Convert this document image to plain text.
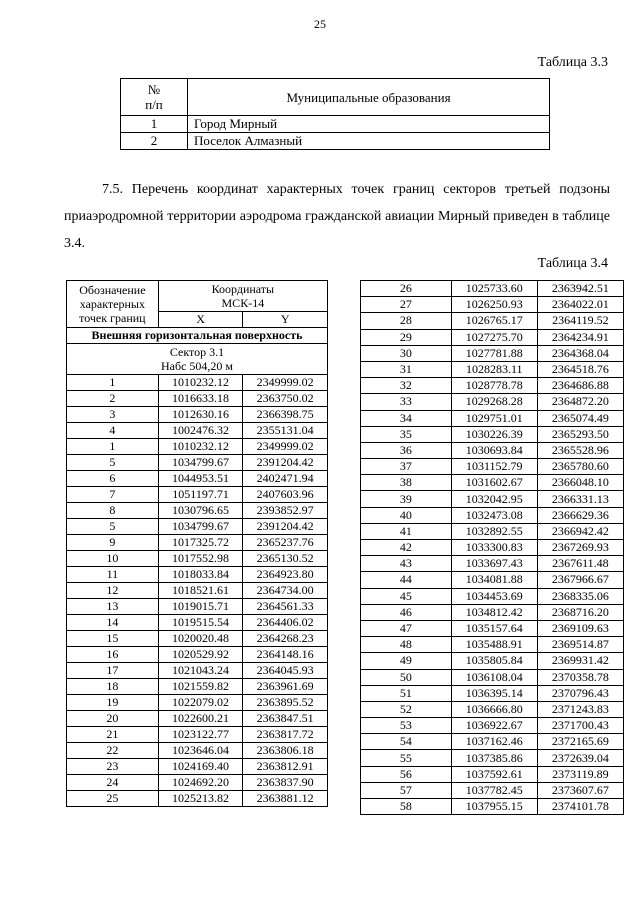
25
Таблица 3.3
№
п/п	Муниципальные образования
1	Город Мирный
2	Поселок Алмазный
7.5. Перечень координат характерных точек границ секторов третьей подзоны приаэродромной территории аэродрома гражданской авиации Мирный приведен в таблице 3.4.
Таблица 3.4
Обозначение
характерных
точек границ	Координаты
МСК-14	
	X	Y
Внешняя горизонтальная поверхность		
Сектор 3.1
Набс 504,20 м		
1	1010232.12	2349999.02
2	1016633.18	2363750.02
3	1012630.16	2366398.75
4	1002476.32	2355131.04
1	1010232.12	2349999.02
5	1034799.67	2391204.42
6	1044953.51	2402471.94
7	1051197.71	2407603.96
8	1030796.65	2393852.97
5	1034799.67	2391204.42
9	1017325.72	2365237.76
10	1017552.98	2365130.52
11	1018033.84	2364923.80
12	1018521.61	2364734.00
13	1019015.71	2364561.33
14	1019515.54	2364406.02
15	1020020.48	2364268.23
16	1020529.92	2364148.16
17	1021043.24	2364045.93
18	1021559.82	2363961.69
19	1022079.02	2363895.52
20	1022600.21	2363847.51
21	1023122.77	2363817.72
22	1023646.04	2363806.18
23	1024169.40	2363812.91
24	1024692.20	2363837.90
25	1025213.82	2363881.12
26	1025733.60	2363942.51
27	1026250.93	2364022.01
28	1026765.17	2364119.52
29	1027275.70	2364234.91
30	1027781.88	2364368.04
31	1028283.11	2364518.76
32	1028778.78	2364686.88
33	1029268.28	2364872.20
34	1029751.01	2365074.49
35	1030226.39	2365293.50
36	1030693.84	2365528.96
37	1031152.79	2365780.60
38	1031602.67	2366048.10
39	1032042.95	2366331.13
40	1032473.08	2366629.36
41	1032892.55	2366942.42
42	1033300.83	2367269.93
43	1033697.43	2367611.48
44	1034081.88	2367966.67
45	1034453.69	2368335.06
46	1034812.42	2368716.20
47	1035157.64	2369109.63
48	1035488.91	2369514.87
49	1035805.84	2369931.42
50	1036108.04	2370358.78
51	1036395.14	2370796.43
52	1036666.80	2371243.83
53	1036922.67	2371700.43
54	1037162.46	2372165.69
55	1037385.86	2372639.04
56	1037592.61	2373119.89
57	1037782.45	2373607.67
58	1037955.15	2374101.78
